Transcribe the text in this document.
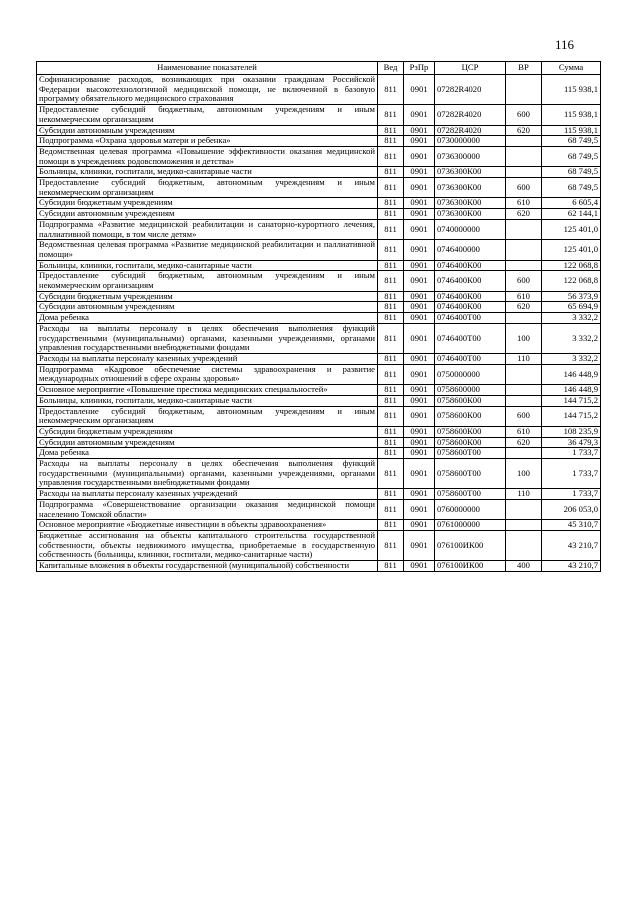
116
Наименование показателей	Вед	РзПр	ЦСР	ВР	Сумма
Софинансирование расходов, возникающих при оказании гражданам Российской Федерации высокотехнологичной медицинской помощи, не включенной в базовую программу обязательного медицинского страхования	811	0901	07282R4020		115 938,1
Предоставление субсидий бюджетным, автономным учреждениям и иным некоммерческим организациям	811	0901	07282R4020	600	115 938,1
Субсидии автономным учреждениям	811	0901	07282R4020	620	115 938,1
Подпрограмма «Охрана здоровья матери и ребенка»	811	0901	0730000000		68 749,5
Ведомственная целевая программа «Повышение эффективности оказания медицинской помощи в учреждениях родовспоможения и детства»	811	0901	0736300000		68 749,5
Больницы, клиники, госпитали, медико-санитарные части	811	0901	0736300К00		68 749,5
Предоставление субсидий бюджетным, автономным учреждениям и иным некоммерческим организациям	811	0901	0736300К00	600	68 749,5
Субсидии бюджетным учреждениям	811	0901	0736300К00	610	6 605,4
Субсидии автономным учреждениям	811	0901	0736300К00	620	62 144,1
Подпрограмма «Развитие медицинской реабилитации и санаторно-курортного лечения, паллиативной помощи, в том числе детям»	811	0901	0740000000		125 401,0
Ведомственная целевая программа «Развитие медицинской реабилитации и паллиативной помощи»	811	0901	0746400000		125 401,0
Больницы, клиники, госпитали, медико-санитарные части	811	0901	0746400К00		122 068,8
Предоставление субсидий бюджетным, автономным учреждениям и иным некоммерческим организациям	811	0901	0746400К00	600	122 068,8
Субсидии бюджетным учреждениям	811	0901	0746400К00	610	56 373,9
Субсидии автономным учреждениям	811	0901	0746400К00	620	65 694,9
Дома ребенка	811	0901	0746400Т00		3 332,2
Расходы на выплаты персоналу в целях обеспечения выполнения функций государственными (муниципальными) органами, казенными учреждениями, органами управления государственными внебюджетными фондами	811	0901	0746400Т00	100	3 332,2
Расходы на выплаты персоналу казенных учреждений	811	0901	0746400Т00	110	3 332,2
Подпрограмма «Кадровое обеспечение системы здравоохранения и развитие международных отношений в сфере охраны здоровья»	811	0901	0750000000		146 448,9
Основное мероприятие «Повышение престижа медицинских специальностей»	811	0901	0758600000		146 448,9
Больницы, клиники, госпитали, медико-санитарные части	811	0901	0758600К00		144 715,2
Предоставление субсидий бюджетным, автономным учреждениям и иным некоммерческим организациям	811	0901	0758600К00	600	144 715,2
Субсидии бюджетным учреждениям	811	0901	0758600К00	610	108 235,9
Субсидии автономным учреждениям	811	0901	0758600К00	620	36 479,3
Дома ребенка	811	0901	0758600Т00		1 733,7
Расходы на выплаты персоналу в целях обеспечения выполнения функций государственными (муниципальными) органами, казенными учреждениями, органами управления государственными внебюджетными фондами	811	0901	0758600Т00	100	1 733,7
Расходы на выплаты персоналу казенных учреждений	811	0901	0758600Т00	110	1 733,7
Подпрограмма «Совершенствование организации оказания медицинской помощи населению Томской области»	811	0901	0760000000		206 053,0
Основное мероприятие «Бюджетные инвестиции в объекты здравоохранения»	811	0901	0761000000		45 310,7
Бюджетные ассигнования на объекты капитального строительства государственной собственности, объекты недвижимого имущества, приобретаемые в государственную собственность (больницы, клиники, госпитали, медико-санитарные части)	811	0901	076100ИК00		43 210,7
Капитальные вложения в объекты государственной (муниципальной) собственности	811	0901	076100ИК00	400	43 210,7
